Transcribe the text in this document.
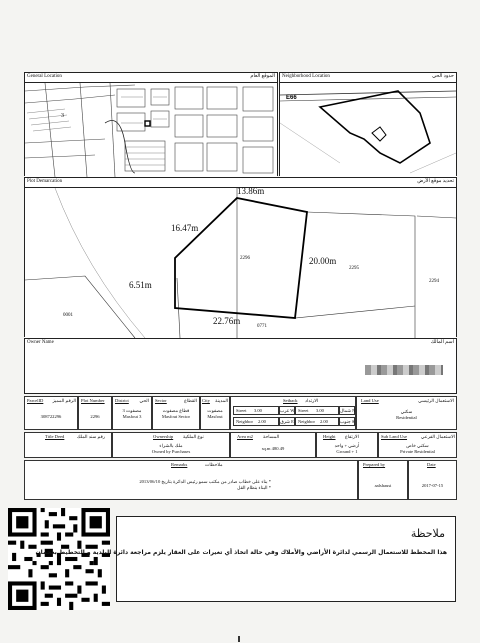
General Location	الموقع العام
3
Neighborhood Location	حدود الحي
E66
Plot Demarcation	تحديد موقع الأرض
13.86m
16.47m
20.00m
6.51m
22.76m
2296
2295
2294
0001
0771
Owner Name	اسم المالك
ParcelID الرقم المميز
308722296
Plot Number
2296
District الحي
مصفوت 3
Masfout 3
Sector	القطاع
قطاع مصفوت
Masfout Sector
City المدينة
مصفوت
Masfout
Setback الارتداد
Street 3.00	غرب W Street 3.00	شمال N
Neighbor 2.00	شرق E Neighbor 2.00	جنوب S
Land Use	الاستعمال الرئيسي
سكني
Residential
Title Deed	رقم سند الملك	Ownership نوع الملكية
ملك بالشراء
Owned by Purchases
Area m2 المساحة
sq.m 480.49
Height الارتفاع
أرضي + واحد
Ground + 1
Sub Land Use	الاستعمال الفرعي
سكني خاص
Private Residential
Remarks	ملاحظات
* بناء على خطاب صادر من مكتب سمو رئيس الدائرة بتاريخ 2013/06/10
* البناء بنظام القل
Prepared by
aalshausi
Date
2017-07-15
ملاحظة
هذا المخطط للاستعمال الرسمي لدائرة الأراضي والأملاك وفي حالة اتخاذ أي تغيرات على العقار يلزم مراجعة دائرة البلدية و التخطيط بعجمان
